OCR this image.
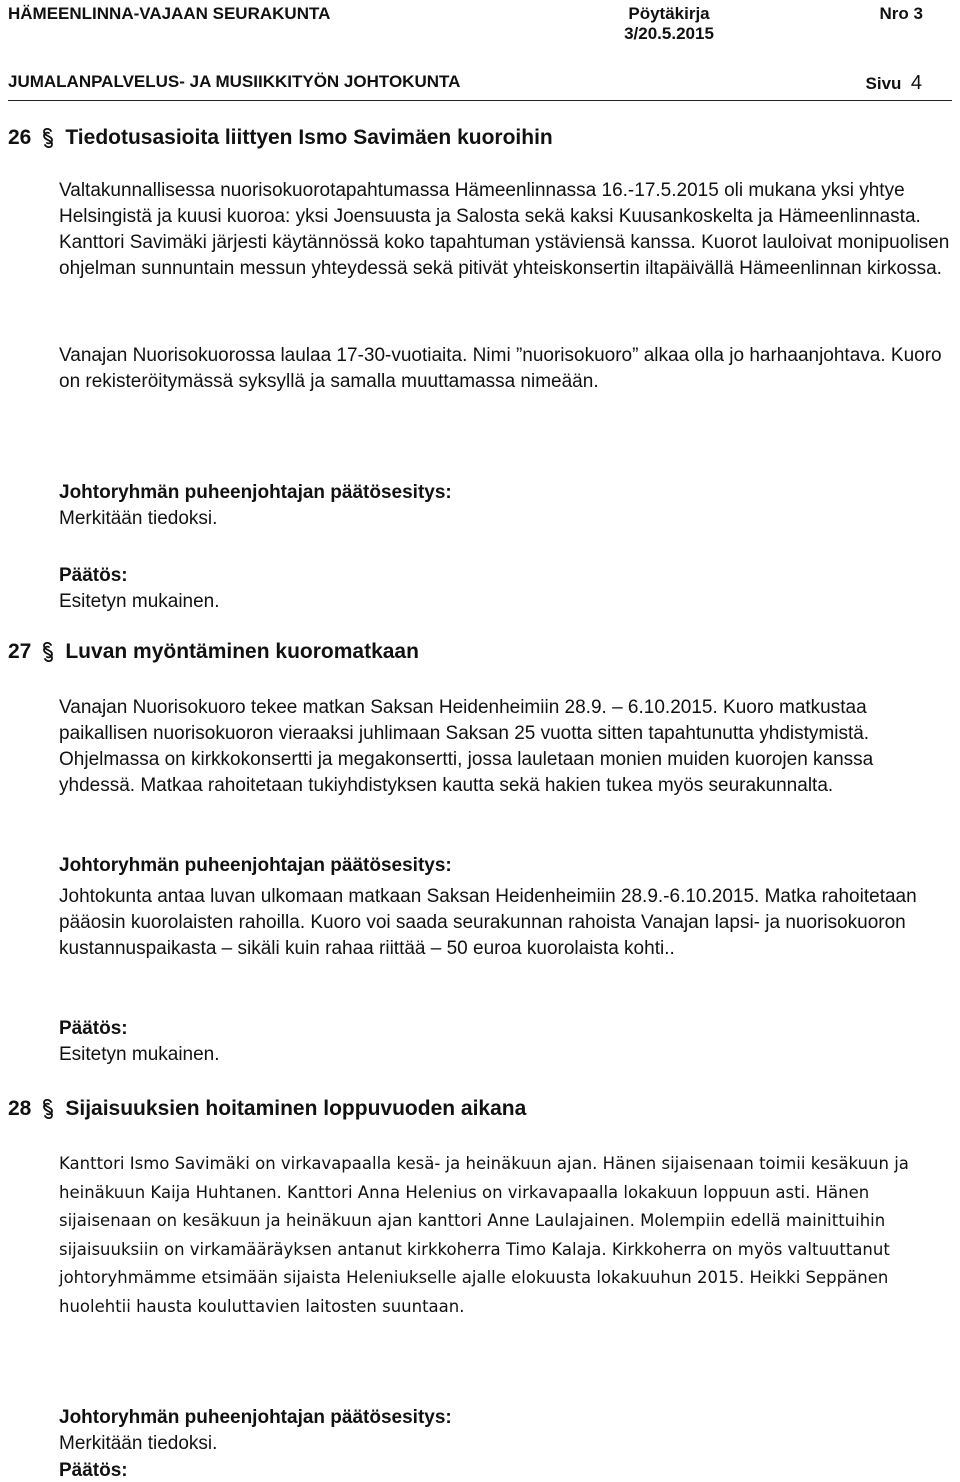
HÄMEENLINNA-VAJAAN SEURAKUNTA	Pöytäkirja
3/20.5.2015
Nro 3
JUMALANPALVELUS- JA MUSIIKKITYÖN JOHTOKUNTA	Sivu 4
26 Tiedotusasioita liittyen Ismo Savimäen kuoroihin
Valtakunnallisessa nuorisokuorotapahtumassa Hämeenlinnassa 16.-17.5.2015 oli mukana yksi yhtye Helsingistä ja kuusi kuoroa: yksi Joensuusta ja Salosta sekä kaksi Kuusankoskelta ja Hämeenlinnasta. Kanttori Savimäki järjesti käytännössä koko tapahtuman ystäviensä kanssa. Kuorot lauloivat monipuolisen ohjelman sunnuntain messun yhteydessä sekä pitivät yhteiskonsertin iltapäivällä Hämeenlinnan kirkossa.
Vanajan Nuorisokuorossa laulaa 17-30-vuotiaita. Nimi ”nuorisokuoro” alkaa olla jo harhaanjohtava. Kuoro on rekisteröitymässä syksyllä ja samalla muuttamassa nimeään.
Johtoryhmän puheenjohtajan päätösesitys:
Merkitään tiedoksi.
Päätös:
Esitetyn mukainen.
27 Luvan myöntäminen kuoromatkaan
Vanajan Nuorisokuoro tekee matkan Saksan Heidenheimiin 28.9. – 6.10.2015. Kuoro matkustaa paikallisen nuorisokuoron vieraaksi juhlimaan Saksan 25 vuotta sitten tapahtunutta yhdistymistä. Ohjelmassa on kirkkokonsertti ja megakonsertti, jossa lauletaan monien muiden kuorojen kanssa yhdessä. Matkaa rahoitetaan tukiyhdistyksen kautta sekä hakien tukea myös seurakunnalta.
Johtoryhmän puheenjohtajan päätösesitys:
Johtokunta antaa luvan ulkomaan matkaan Saksan Heidenheimiin 28.9.-6.10.2015. Matka rahoitetaan pääosin kuorolaisten rahoilla. Kuoro voi saada seurakunnan rahoista Vanajan lapsi- ja nuorisokuoron kustannuspaikasta – sikäli kuin rahaa riittää – 50 euroa kuorolaista kohti..
Päätös:
Esitetyn mukainen.
28 Sijaisuuksien hoitaminen loppuvuoden aikana
Kanttori Ismo Savimäki on virkavapaalla kesä- ja heinäkuun ajan. Hänen sijaisenaan toimii kesäkuun ja heinäkuun Kaija Huhtanen. Kanttori Anna Helenius on virkavapaalla lokakuun loppuun asti. Hänen sijaisenaan on kesäkuun ja heinäkuun ajan kanttori Anne Laulajainen. Molempiin edellä mainittuihin sijaisuuksiin on virkamääräyksen antanut kirkkoherra Timo Kalaja. Kirkkoherra on myös valtuuttanut johtoryhmämme etsimään sijaista Heleniukselle ajalle elokuusta lokakuuhun 2015. Heikki Seppänen huolehtii hausta kouluttavien laitosten suuntaan.
Johtoryhmän puheenjohtajan päätösesitys:
Merkitään tiedoksi.
Päätös:
